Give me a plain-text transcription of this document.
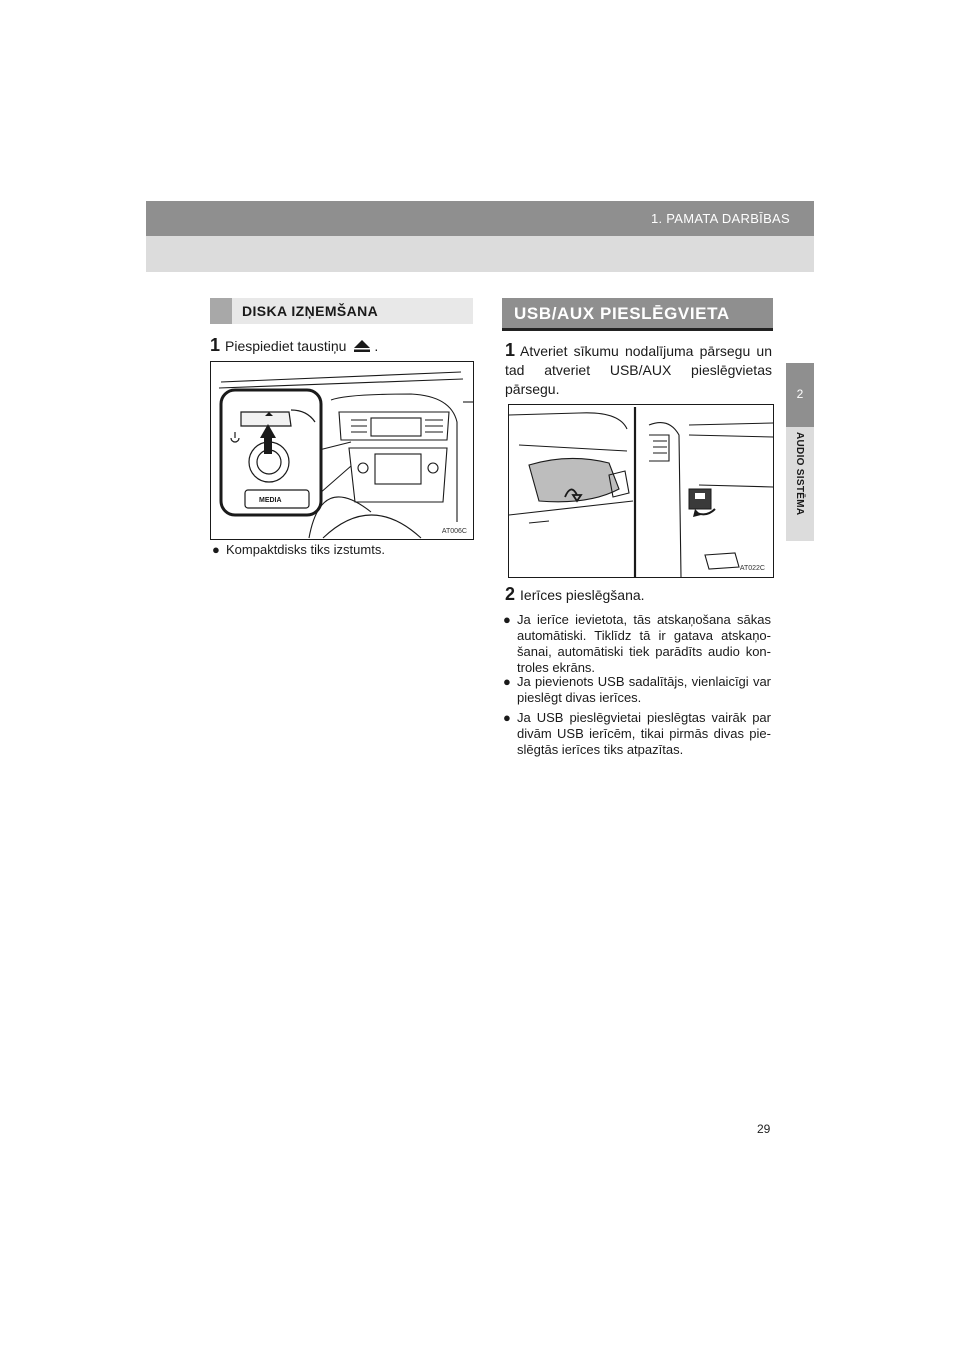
1. PAMATA DARBĪBAS
2
AUDIO SISTĒMA
DISKA IZŅEMŠANA
1 Piespiediet taustiņu .
MEDIA
AT006C
● Kompaktdisks tiks izstumts.
USB/AUX PIESLĒGVIETA
1 Atveriet sīkumu nodalījuma pārsegu un tad atveriet USB/AUX pieslēgvietas pārsegu.
AT022C
2 Ierīces pieslēgšana.
● Ja ierīce ievietota, tās atskaņošana sākas automātiski. Tiklīdz tā ir gatava atskaņo-šanai, automātiski tiek parādīts audio kon-troles ekrāns.
● Ja pievienots USB sadalītājs, vienlaicīgi var pieslēgt divas ierīces.
● Ja USB pieslēgvietai pieslēgtas vairāk par divām USB ierīcēm, tikai pirmās divas pie-slēgtās ierīces tiks atpazītas.
29
